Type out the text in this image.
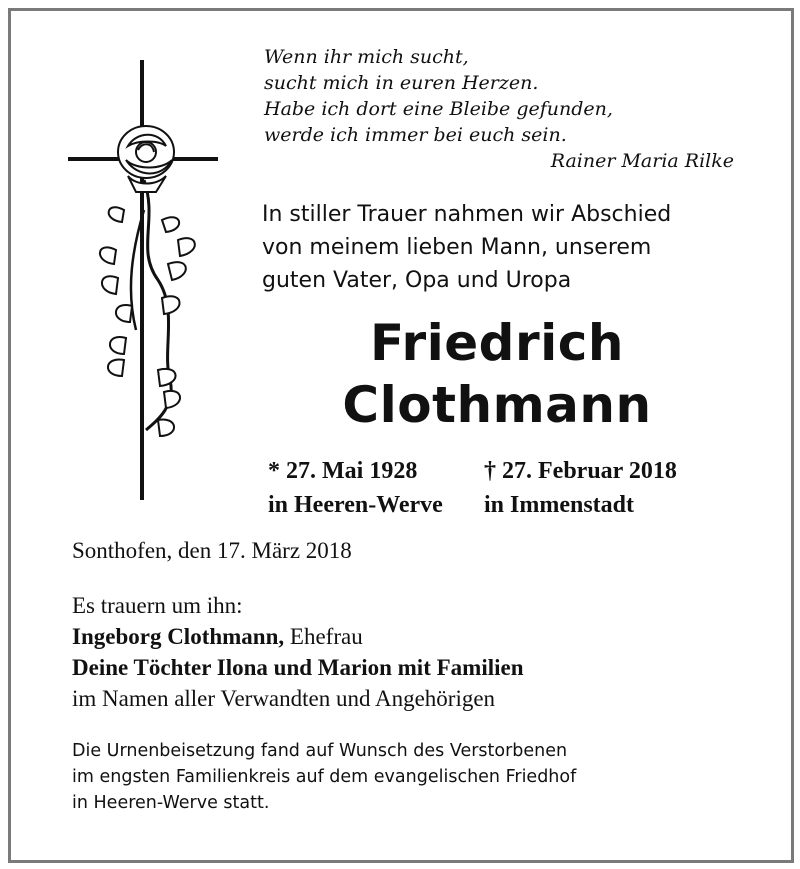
Wenn ihr mich sucht,
sucht mich in euren Herzen.
Habe ich dort eine Bleibe gefunden,
werde ich immer bei euch sein.
Rainer Maria Rilke
In stiller Trauer nahmen wir Abschied
von meinem lieben Mann, unserem
guten Vater, Opa und Uropa
Friedrich
Clothmann
* 27. Mai 1928
in Heeren-Werve
† 27. Februar 2018
in Immenstadt
Sonthofen, den 17. März 2018
Es trauern um ihn:
Ingeborg Clothmann, Ehefrau
Deine Töchter Ilona und Marion mit Familien
im Namen aller Verwandten und Angehörigen
Die Urnenbeisetzung fand auf Wunsch des Verstorbenen
im engsten Familienkreis auf dem evangelischen Friedhof
in Heeren-Werve statt.
